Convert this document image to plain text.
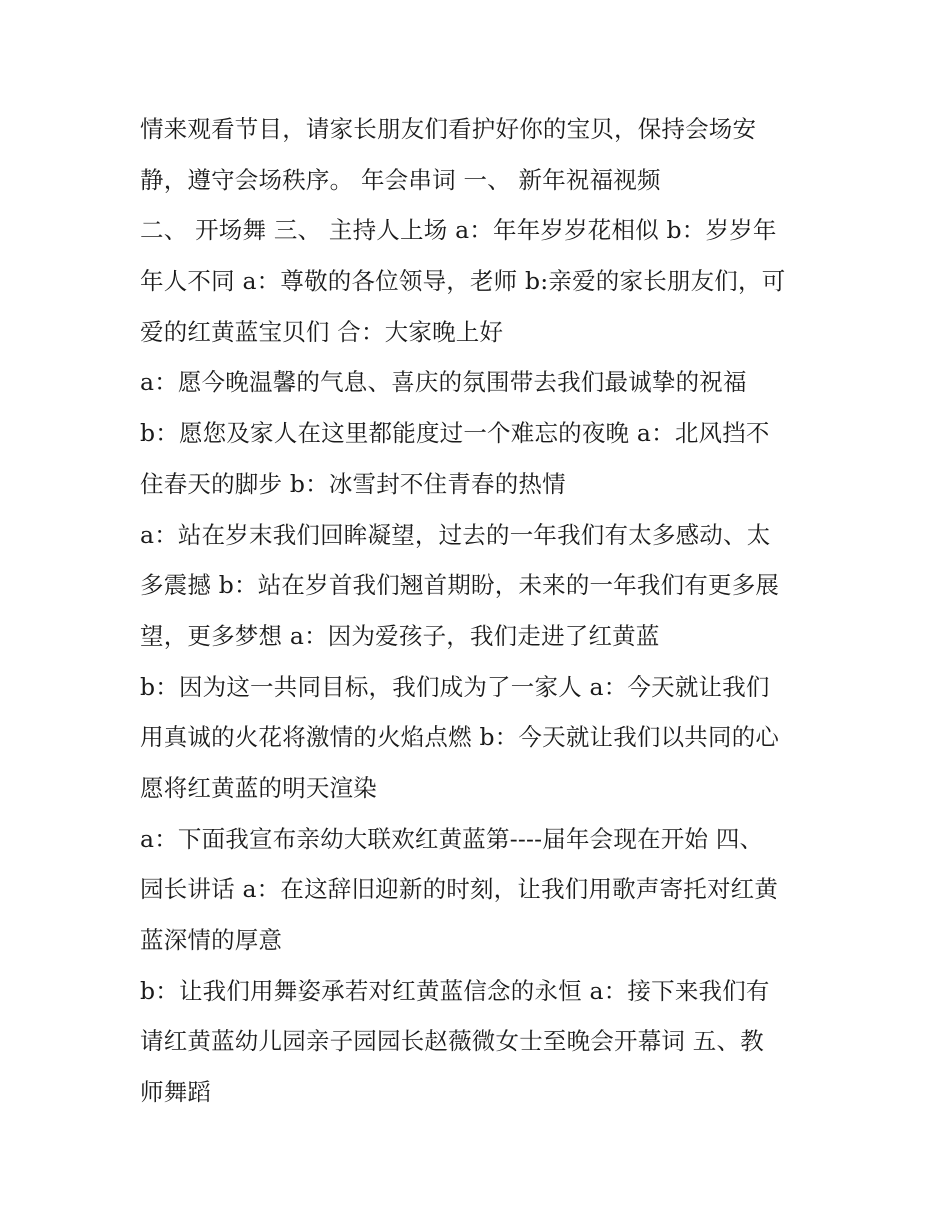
情来观看节目，请家长朋友们看护好你的宝贝，保持会场安
静，遵守会场秩序。 年会串词 一、 新年祝福视频
二、 开场舞 三、 主持人上场 a：年年岁岁花相似 b：岁岁年
年人不同 a：尊敬的各位领导，老师 b:亲爱的家长朋友们，可
爱的红黄蓝宝贝们 合：大家晚上好
a：愿今晚温馨的气息、喜庆的氛围带去我们最诚挚的祝福
b：愿您及家人在这里都能度过一个难忘的夜晚 a：北风挡不
住春天的脚步 b：冰雪封不住青春的热情
a：站在岁末我们回眸凝望，过去的一年我们有太多感动、太
多震撼 b：站在岁首我们翘首期盼，未来的一年我们有更多展
望，更多梦想 a：因为爱孩子，我们走进了红黄蓝
b：因为这一共同目标，我们成为了一家人 a：今天就让我们
用真诚的火花将激情的火焰点燃 b：今天就让我们以共同的心
愿将红黄蓝的明天渲染
a：下面我宣布亲幼大联欢红黄蓝第----届年会现在开始 四、
园长讲话 a：在这辞旧迎新的时刻，让我们用歌声寄托对红黄
蓝深情的厚意
b：让我们用舞姿承若对红黄蓝信念的永恒 a：接下来我们有
请红黄蓝幼儿园亲子园园长赵薇微女士至晚会开幕词 五、教
师舞蹈
